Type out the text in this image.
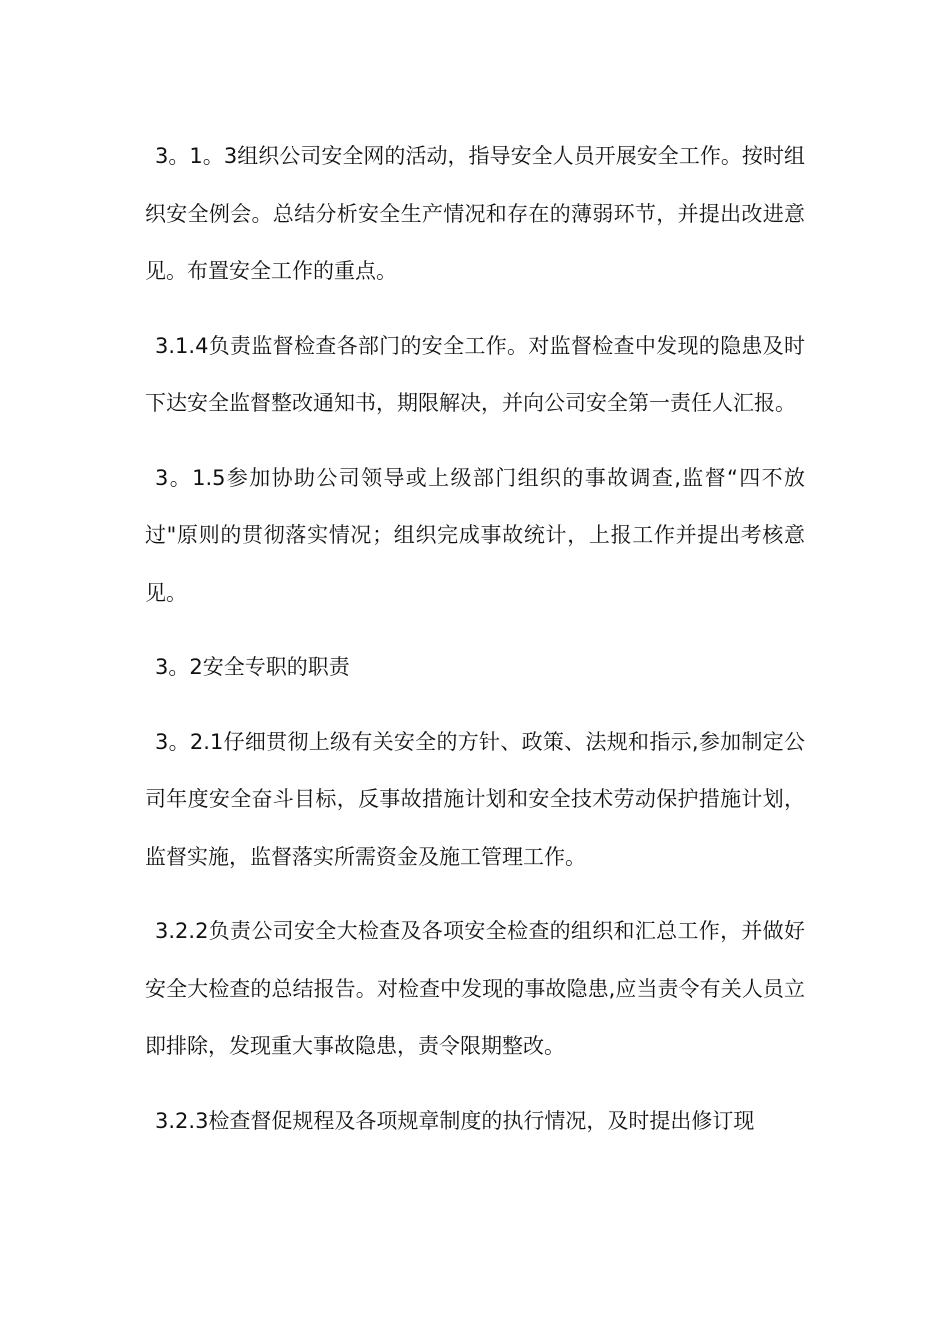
3。1。3组织公司安全网的活动，指导安全人员开展安全工作。按时组织安全例会。总结分析安全生产情况和存在的薄弱环节，并提出改进意见。布置安全工作的重点。

3.1.4负责监督检查各部门的安全工作。对监督检查中发现的隐患及时下达安全监督整改通知书，期限解决，并向公司安全第一责任人汇报。

3。1.5参加协助公司领导或上级部门组织的事故调查,监督“四不放过"原则的贯彻落实情况；组织完成事故统计，上报工作并提出考核意见。

3。2安全专职的职责

3。2.1仔细贯彻上级有关安全的方针、政策、法规和指示,参加制定公司年度安全奋斗目标，反事故措施计划和安全技术劳动保护措施计划，监督实施，监督落实所需资金及施工管理工作。

3.2.2负责公司安全大检查及各项安全检查的组织和汇总工作，并做好安全大检查的总结报告。对检查中发现的事故隐患,应当责令有关人员立即排除，发现重大事故隐患，责令限期整改。

3.2.3检查督促规程及各项规章制度的执行情况，及时提出修订现
